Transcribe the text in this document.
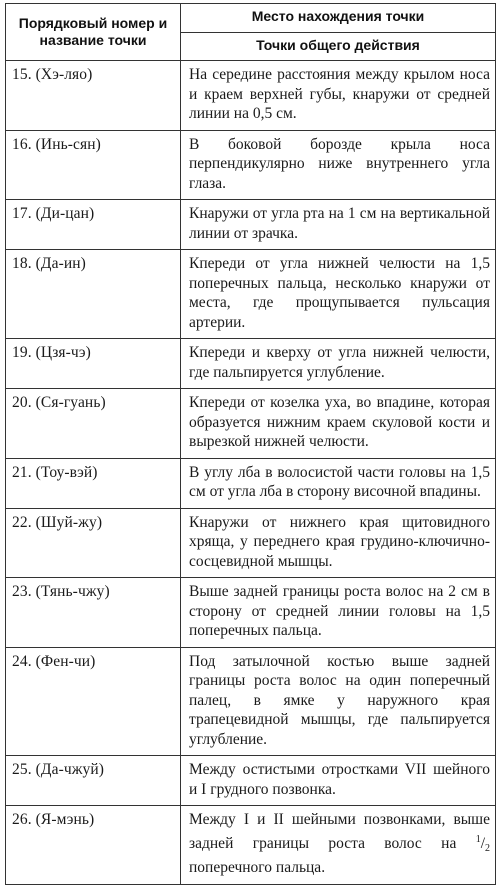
Порядковый номер и название точки	Место нахождения точки
	Точки общего действия
15. (Хэ-ляо)	На середине расстояния между крылом носа и краем верхней губы, кнаружи от средней линии на 0,5 см.
16. (Инь-сян)	В боковой борозде крыла носа перпендикулярно ниже внутреннего угла глаза.
17. (Ди-цан)	Кнаружи от угла рта на 1 см на вертикальной линии от зрачка.
18. (Да-ин)	Кпереди от угла нижней челюсти на 1,5 поперечных пальца, несколько кнаружи от места, где прощупывается пульсация артерии.
19. (Цзя-чэ)	Кпереди и кверху от угла нижней челюсти, где пальпируется углубление.
20. (Ся-гуань)	Кпереди от козелка уха, во впадине, которая образуется нижним краем скуловой кости и вырезкой нижней челюсти.
21. (Тоу-вэй)	В углу лба в волосистой части головы на 1,5 см от угла лба в сторону височной впадины.
22. (Шуй-жу)	Кнаружи от нижнего края щитовидного хряща, у переднего края грудино-ключично-сосцевидной мышцы.
23. (Тянь-чжу)	Выше задней границы роста волос на 2 см в сторону от средней линии головы на 1,5 поперечных пальца.
24. (Фен-чи)	Под затылочной костью выше задней границы роста волос на один поперечный палец, в ямке у наружного края трапецевидной мышцы, где пальпируется углубление.
25. (Да-чжуй)	Между остистыми отростками VII шейного и I грудного позвонка.
26. (Я-мэнь)	Между I и II шейными позвонками, выше задней границы роста волос на $^1/_2$ поперечного пальца.
